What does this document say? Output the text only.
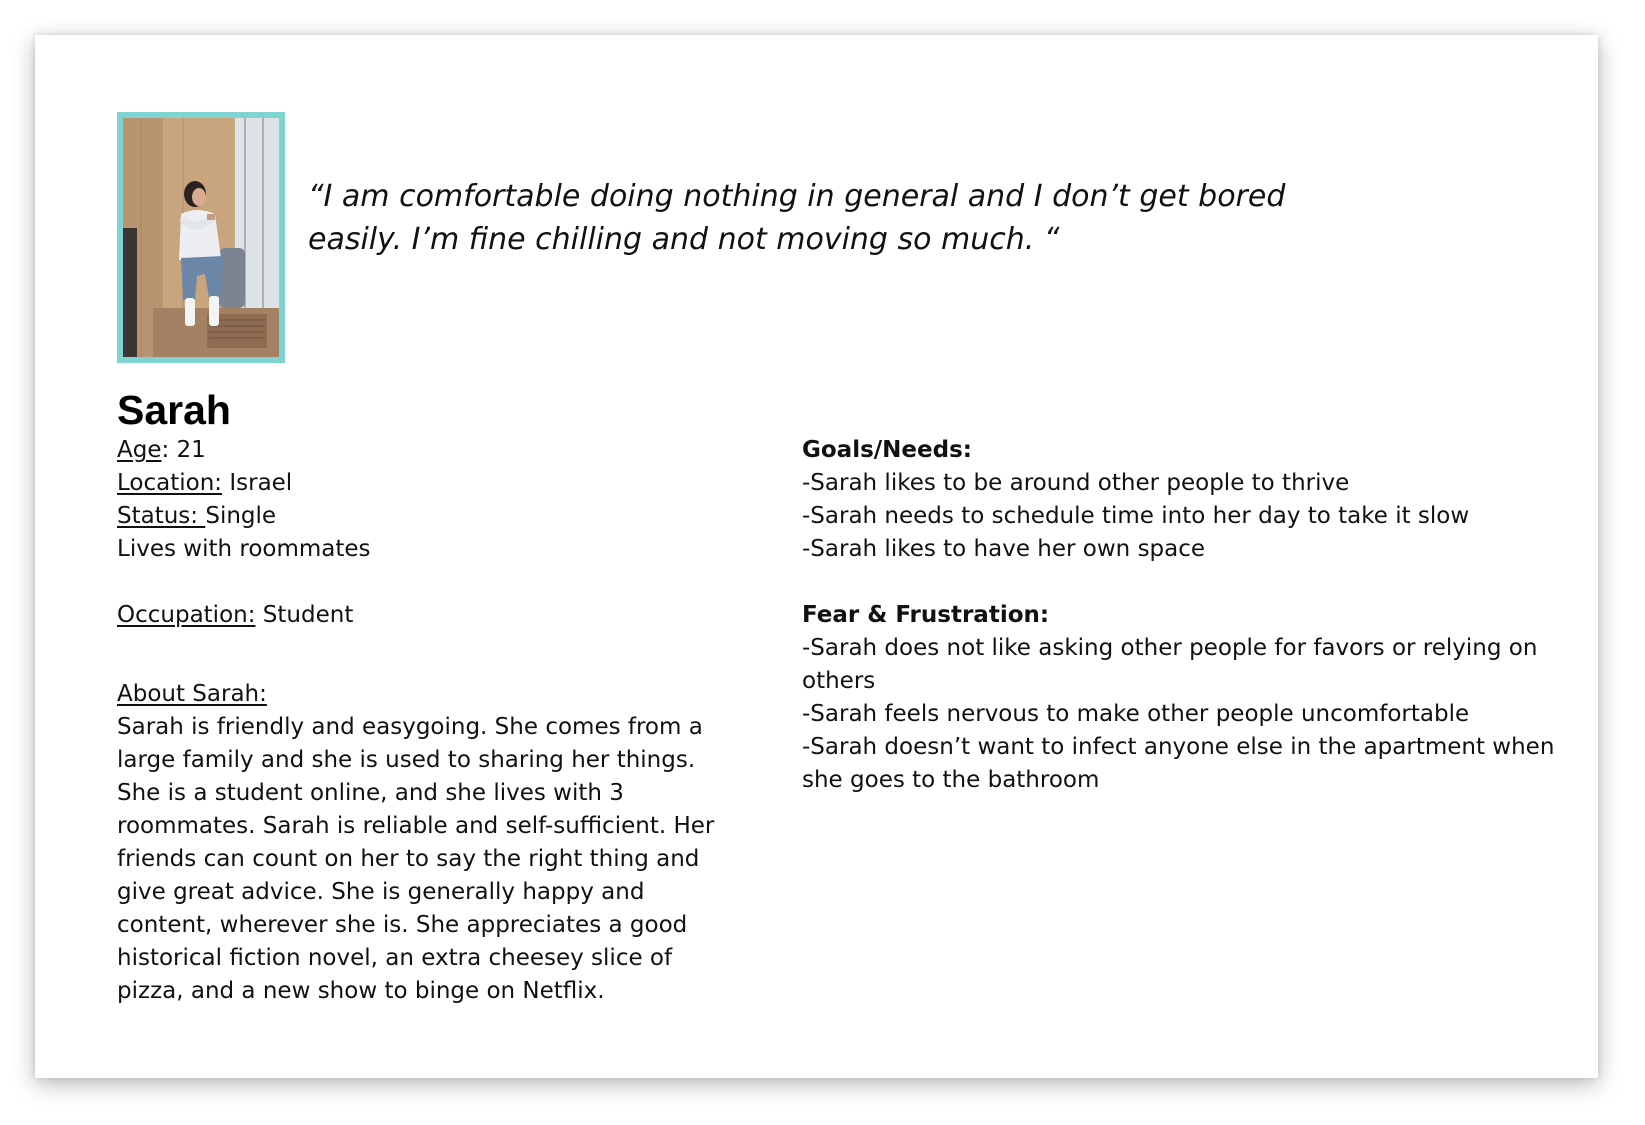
“I am comfortable doing nothing in general and I don’t get bored easily. I’m fine chilling and not moving so much. “

Sarah
Age: 21
Location: Israel
Status: Single
Lives with roommates
Occupation: Student
About Sarah:

Sarah is friendly and easygoing. She comes from a large family and she is used to sharing her things. She is a student online, and she lives with 3 roommates. Sarah is reliable and self-sufficient. Her friends can count on her to say the right thing and give great advice. She is generally happy and content, wherever she is. She appreciates a good historical fiction novel, an extra cheesey slice of pizza, and a new show to binge on Netflix.

Goals/Needs:
-Sarah likes to be around other people to thrive
-Sarah needs to schedule time into her day to take it slow
-Sarah likes to have her own space
Fear & Frustration:
-Sarah does not like asking other people for favors or relying on others
-Sarah feels nervous to make other people uncomfortable
-Sarah doesn’t want to infect anyone else in the apartment when she goes to the bathroom
